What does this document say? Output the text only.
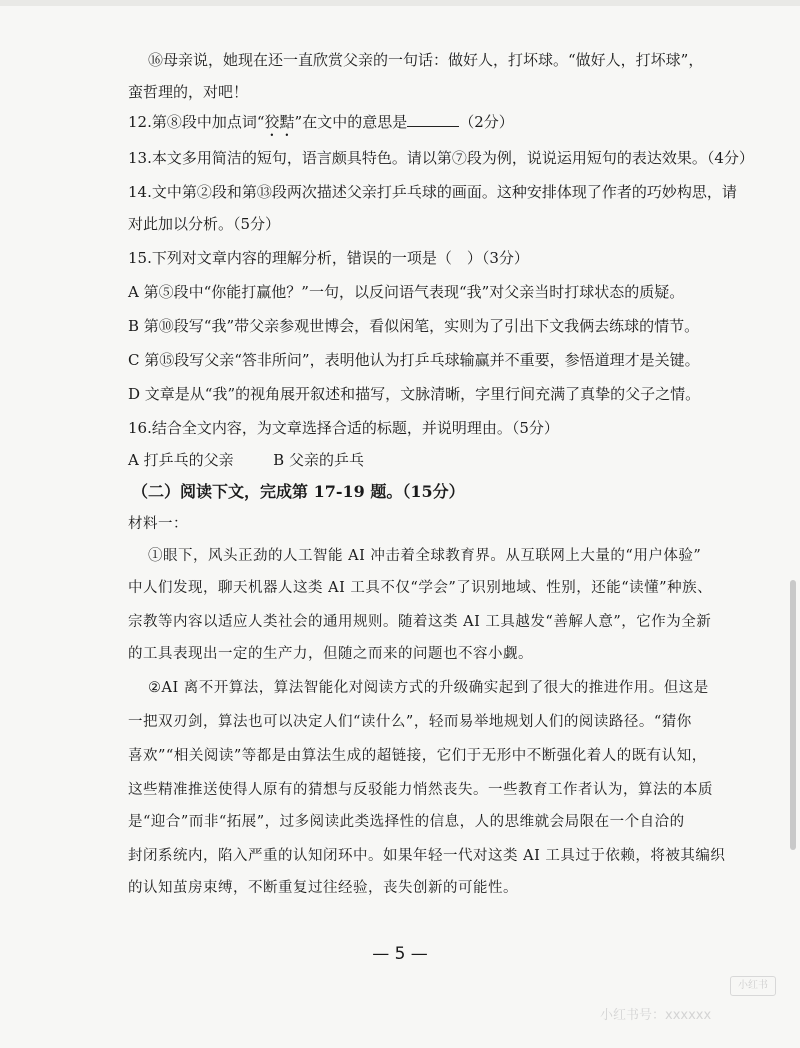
⑯母亲说，她现在还一直欣赏父亲的一句话：做好人，打坏球。“做好人，打坏球”，
蛮哲理的，对吧！
12.第⑧段中加点词“狡黠”在文中的意思是	（2分）
13.本文多用简洁的短句，语言颇具特色。请以第⑦段为例，说说运用短句的表达效果。（4分）
14.文中第②段和第⑬段两次描述父亲打乒乓球的画面。这种安排体现了作者的巧妙构思，请
对此加以分析。（5分）
15.下列对文章内容的理解分析，错误的一项是（　）（3分）
A 第⑤段中“你能打赢他？”一句，以反问语气表现“我”对父亲当时打球状态的质疑。
B 第⑩段写“我”带父亲参观世博会，看似闲笔，实则为了引出下文我俩去练球的情节。
C 第⑮段写父亲“答非所问”，表明他认为打乒乓球输赢并不重要，参悟道理才是关键。
D 文章是从“我”的视角展开叙述和描写，文脉清晰，字里行间充满了真挚的父子之情。
16.结合全文内容，为文章选择合适的标题，并说明理由。（5分）
A 打乒乓的父亲	B 父亲的乒乓
（二）阅读下文，完成第 17-19 题。（15分）
材料一：
①眼下，风头正劲的人工智能 AI 冲击着全球教育界。从互联网上大量的“用户体验”
中人们发现，聊天机器人这类 AI 工具不仅“学会”了识别地域、性别，还能“读懂”种族、
宗教等内容以适应人类社会的通用规则。随着这类 AI 工具越发“善解人意”，它作为全新
的工具表现出一定的生产力，但随之而来的问题也不容小觑。
②AI 离不开算法，算法智能化对阅读方式的升级确实起到了很大的推进作用。但这是
一把双刃剑，算法也可以决定人们“读什么”，轻而易举地规划人们的阅读路径。“猜你
喜欢”“相关阅读”等都是由算法生成的超链接，它们于无形中不断强化着人的既有认知，
这些精准推送使得人原有的猜想与反驳能力悄然丧失。一些教育工作者认为，算法的本质
是“迎合”而非“拓展”，过多阅读此类选择性的信息，人的思维就会局限在一个自洽的
封闭系统内，陷入严重的认知闭环中。如果年轻一代对这类 AI 工具过于依赖，将被其编织
的认知茧房束缚，不断重复过往经验，丧失创新的可能性。
— 5 —
小红书
小红书号：xxxxxx
